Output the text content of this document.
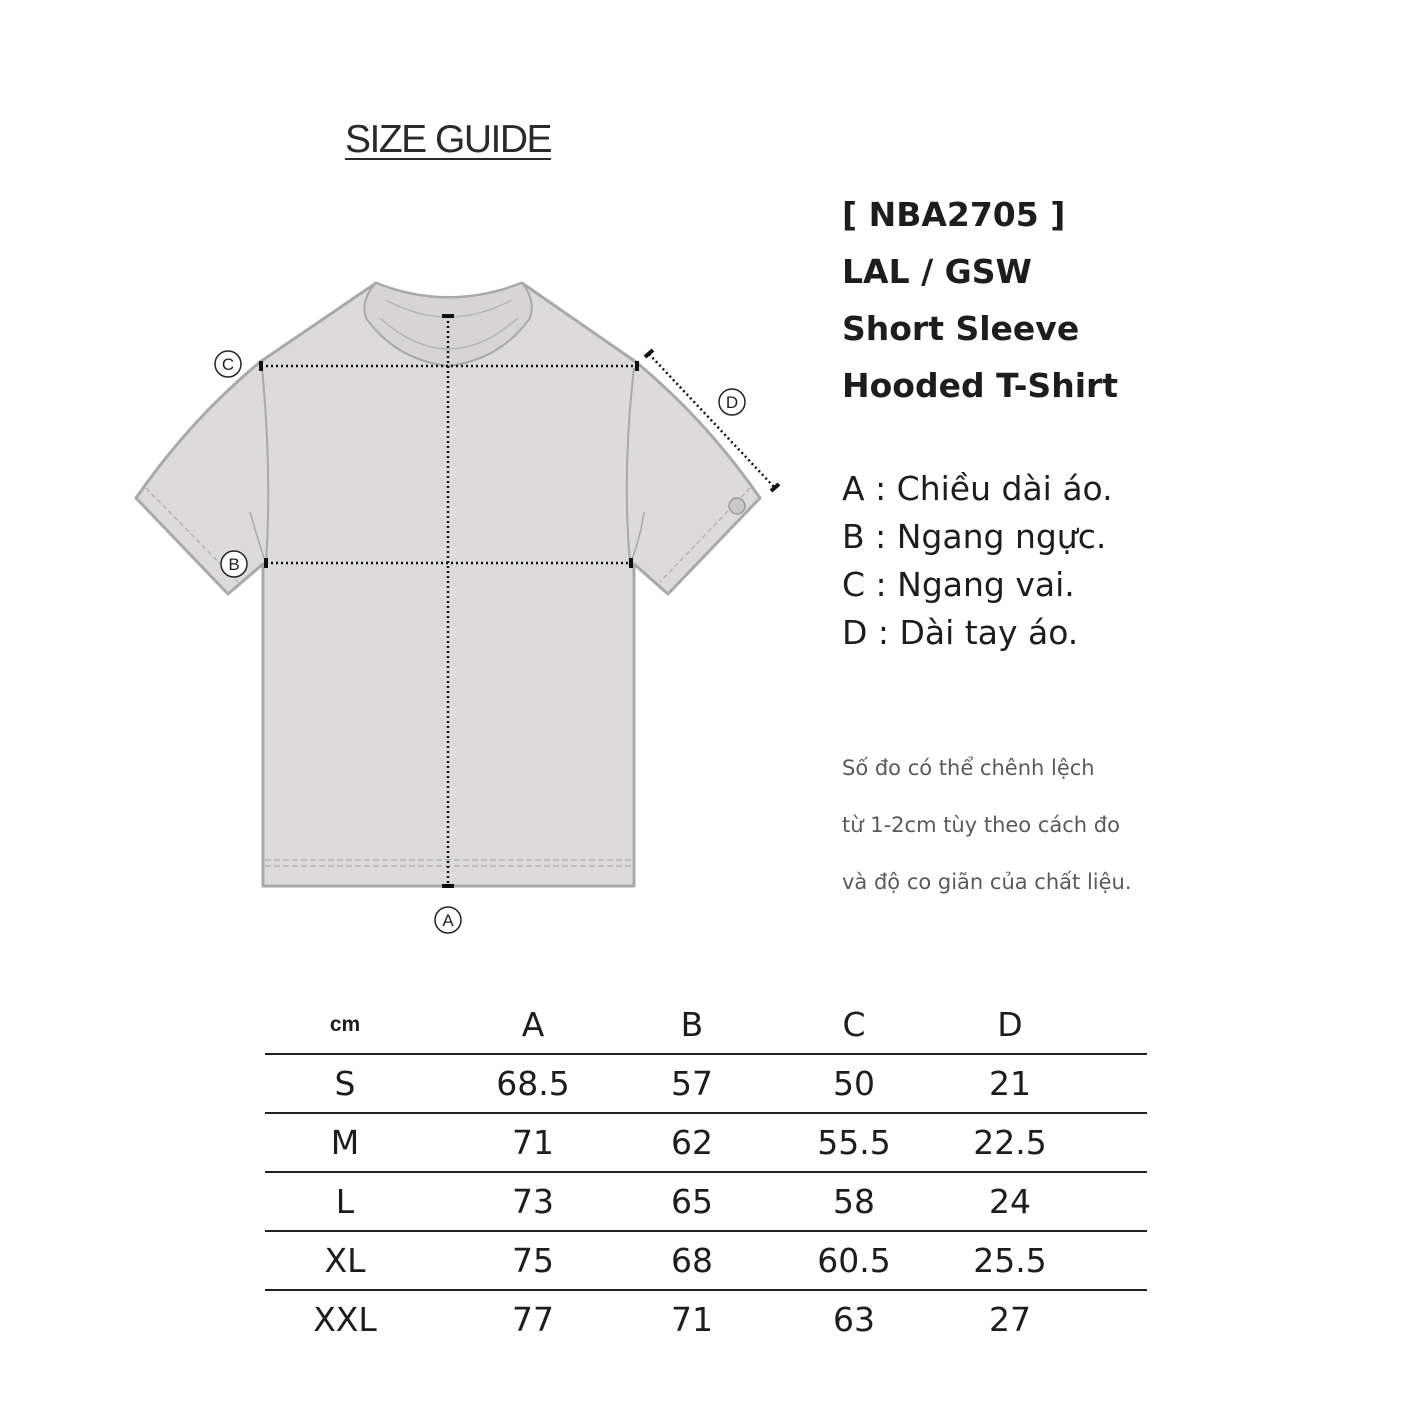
SIZE GUIDE
A
B
C
D
[ NBA2705 ]
LAL / GSW
Short Sleeve
Hooded T-Shirt
A : Chiều dài áo.
B : Ngang ngực.
C : Ngang vai.
D : Dài tay áo.
Số đo có thể chênh lệch
từ 1-2cm tùy theo cách đo
và độ co giãn của chất liệu.
cm	A	B	C	D
S	68.5	57	50	21
M	71	62	55.5	22.5
L	73	65	58	24
XL	75	68	60.5	25.5
XXL	77	71	63	27
